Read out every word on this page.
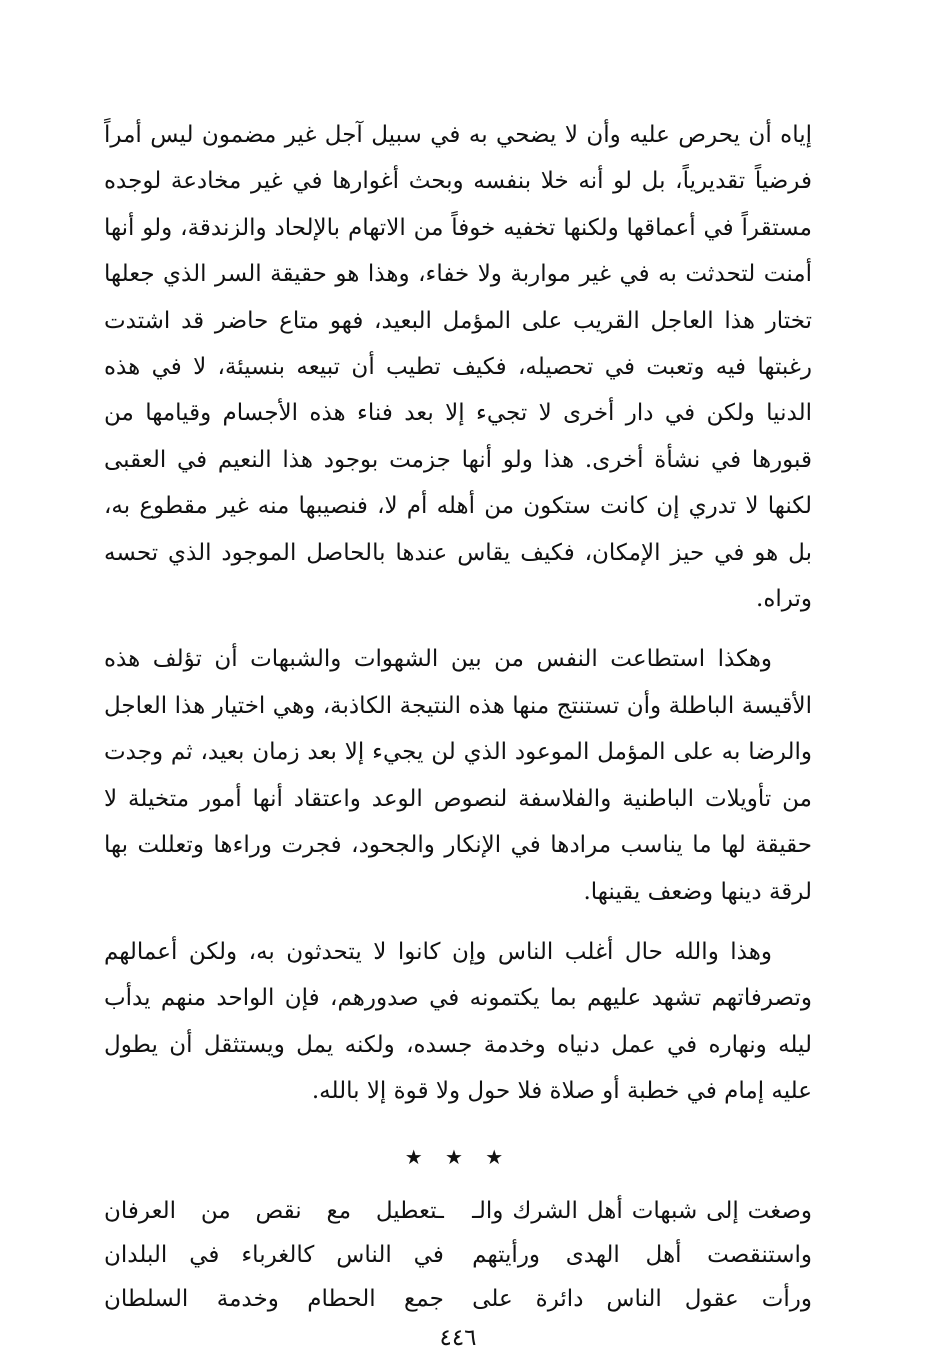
إياه أن يحرص عليه وأن لا يضحي به في سبيل آجل غير مضمون ليس أمراً فرضياً تقديرياً، بل لو أنه خلا بنفسه وبحث أغوارها في غير مخادعة لوجده مستقراً في أعماقها ولكنها تخفيه خوفاً من الاتهام بالإلحاد والزندقة، ولو أنها أمنت لتحدثت به في غير مواربة ولا خفاء، وهذا هو حقيقة السر الذي جعلها تختار هذا العاجل القريب على المؤمل البعيد، فهو متاع حاضر قد اشتدت رغبتها فيه وتعبت في تحصيله، فكيف تطيب أن تبيعه بنسيئة، لا في هذه الدنيا ولكن في دار أخرى لا تجيء إلا بعد فناء هذه الأجسام وقيامها من قبورها في نشأة أخرى. هذا ولو أنها جزمت بوجود هذا النعيم في العقبى لكنها لا تدري إن كانت ستكون من أهله أم لا، فنصيبها منه غير مقطوع به، بل هو في حيز الإمكان، فكيف يقاس عندها بالحاصل الموجود الذي تحسه وتراه.

وهكذا استطاعت النفس من بين الشهوات والشبهات أن تؤلف هذه الأقيسة الباطلة وأن تستنتج منها هذه النتيجة الكاذبة، وهي اختيار هذا العاجل والرضا به على المؤمل الموعود الذي لن يجيء إلا بعد زمان بعيد، ثم وجدت من تأويلات الباطنية والفلاسفة لنصوص الوعد واعتقاد أنها أمور متخيلة لا حقيقة لها ما يناسب مرادها في الإنكار والجحود، فجرت وراءها وتعللت بها لرقة دينها وضعف يقينها.

وهذا والله حال أغلب الناس وإن كانوا لا يتحدثون به، ولكن أعمالهم وتصرفاتهم تشهد عليهم بما يكتمونه في صدورهم، فإن الواحد منهم يدأب ليله ونهاره في عمل دنياه وخدمة جسده، ولكنه يمل ويستثقل أن يطول عليه إمام في خطبة أو صلاة فلا حول ولا قوة إلا بالله.

★ ★ ★
وصغت إلى شبهات أهل الشرك والـ
ـتعطيل مع نقص من العرفان
واستنقصت أهل الهدى ورأيتهم
في الناس كالغرباء في البلدان
ورأت عقول الناس دائرة على
جمع الحطام وخدمة السلطان
٤٤٦
